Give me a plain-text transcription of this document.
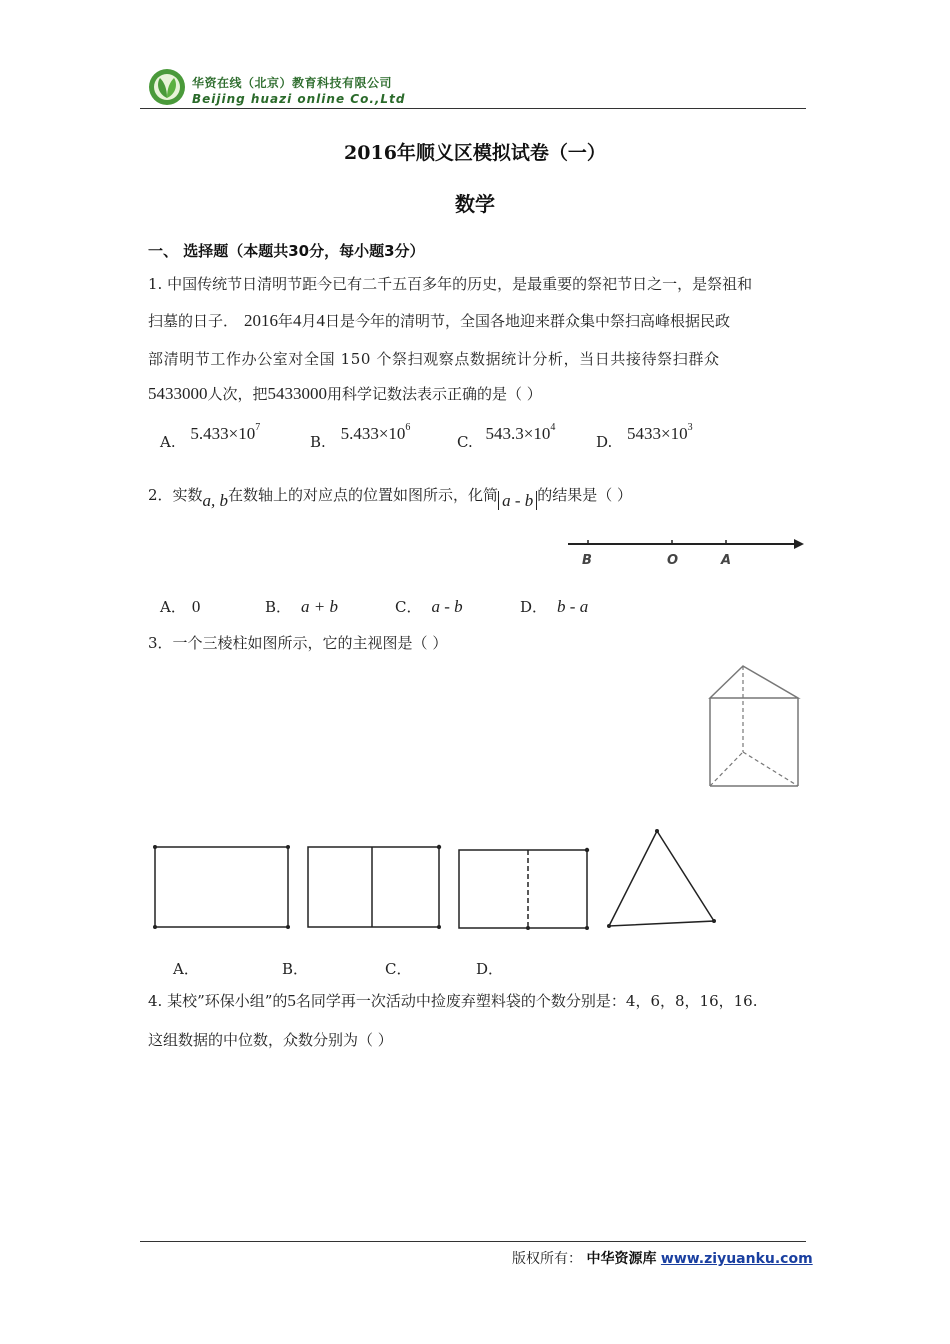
华资在线（北京）教育科技有限公司
Beijing huazi online Co.,Ltd
2016年顺义区模拟试卷（一）
数学
一、 选择题（本题共30分，每小题3分）
1. 中国传统节日清明节距今已有二千五百多年的历史，是最重要的祭祀节日之一，是祭祖和
扫墓的日子． 2016年4月4日是今年的清明节，全国各地迎来群众集中祭扫高峰根据民政
部清明节工作办公室对全国 150 个祭扫观察点数据统计分析，当日共接待祭扫群众
5433000人次，把5433000用科学记数法表示正确的是（ ）
A. $5.433\times 10^7$
B. $5.433\times 10^6$
C. $543.3\times 10^4$
D. $5433\times 10^3$
2．实数a, b在数轴上的对应点的位置如图所示，化简 a - b 的结果是（ ）
B	O	A
A． 0	B． a + b	C． a - b	D． b - a
3．一个三棱柱如图所示，它的主视图是（ ）
A．	B．	C．	D．
4. 某校”环保小组”的5名同学再一次活动中捡废弃塑料袋的个数分别是：4，6，8，16，16.
这组数据的中位数，众数分别为（ ）
版权所有： 中华资源库 www.ziyuanku.com
